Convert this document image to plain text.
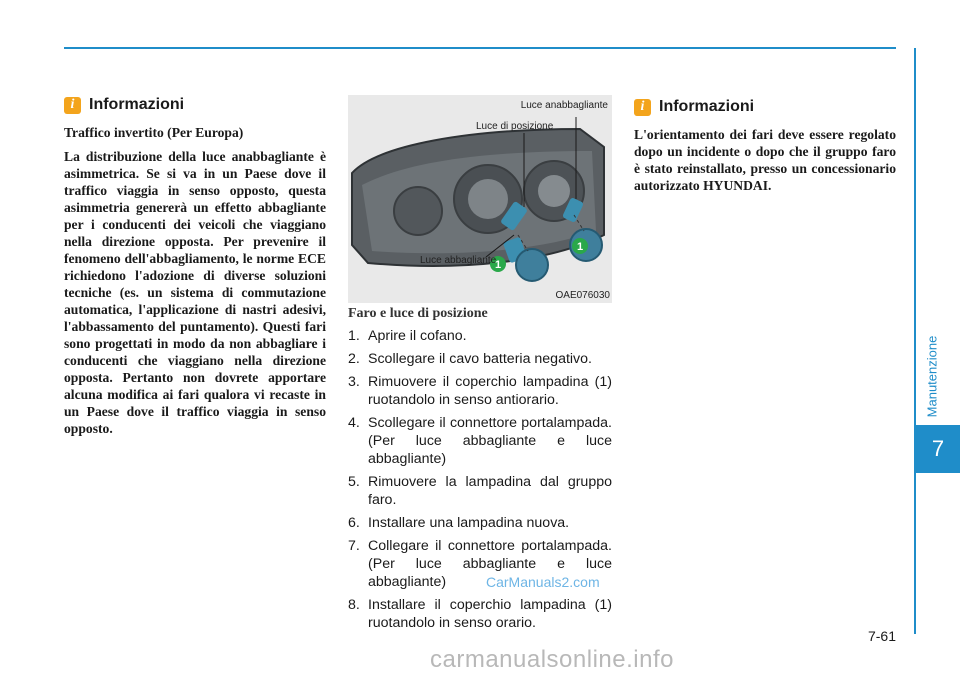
Manutenzione
7
i Informazioni

Traffico invertito (Per Europa)

La distribuzione della luce anabbagliante è asimmetrica. Se si va in un Paese dove il traffico viaggia in senso opposto, questa asimmetria genererà un effetto abbagliante per i conducenti dei veicoli che viaggiano nella direzione opposta. Per prevenire il fenomeno dell'abbagliamento, le norme ECE richiedono l'adozione di diverse soluzioni tecniche (es. un sistema di commutazione automatica, l'applicazione di nastri adesivi, l'abbassamento del puntamento). Questi fari sono progettati in modo da non abbagliare i conducenti che viaggiano nella direzione opposta. Pertanto non dovrete apportare alcuna modifica ai fari qualora vi recaste in un Paese dove il traffico viaggia in senso opposto.

1
1
Luce anabbagliante
Luce di posizione
Luce abbagliante
OAE076030
Faro e luce di posizione
1. Aprire il cofano.
2. Scollegare il cavo batteria negativo.
3. Rimuovere il coperchio lampadina (1) ruotandolo in senso antiorario.
4. Scollegare il connettore portalampada. (Per luce abbagliante e luce abbagliante)
5. Rimuovere la lampadina dal gruppo faro.
6. Installare una lampadina nuova.
7. Collegare il connettore portalampada. (Per luce abbagliante e luce abbagliante)
8. Installare il coperchio lampadina (1) ruotandolo in senso orario.
i Informazioni

L'orientamento dei fari deve essere regolato dopo un incidente o dopo che il gruppo faro è stato reinstallato, presso un concessionario autorizzato HYUNDAI.

7-61
CarManuals2.com
carmanualsonline.info
